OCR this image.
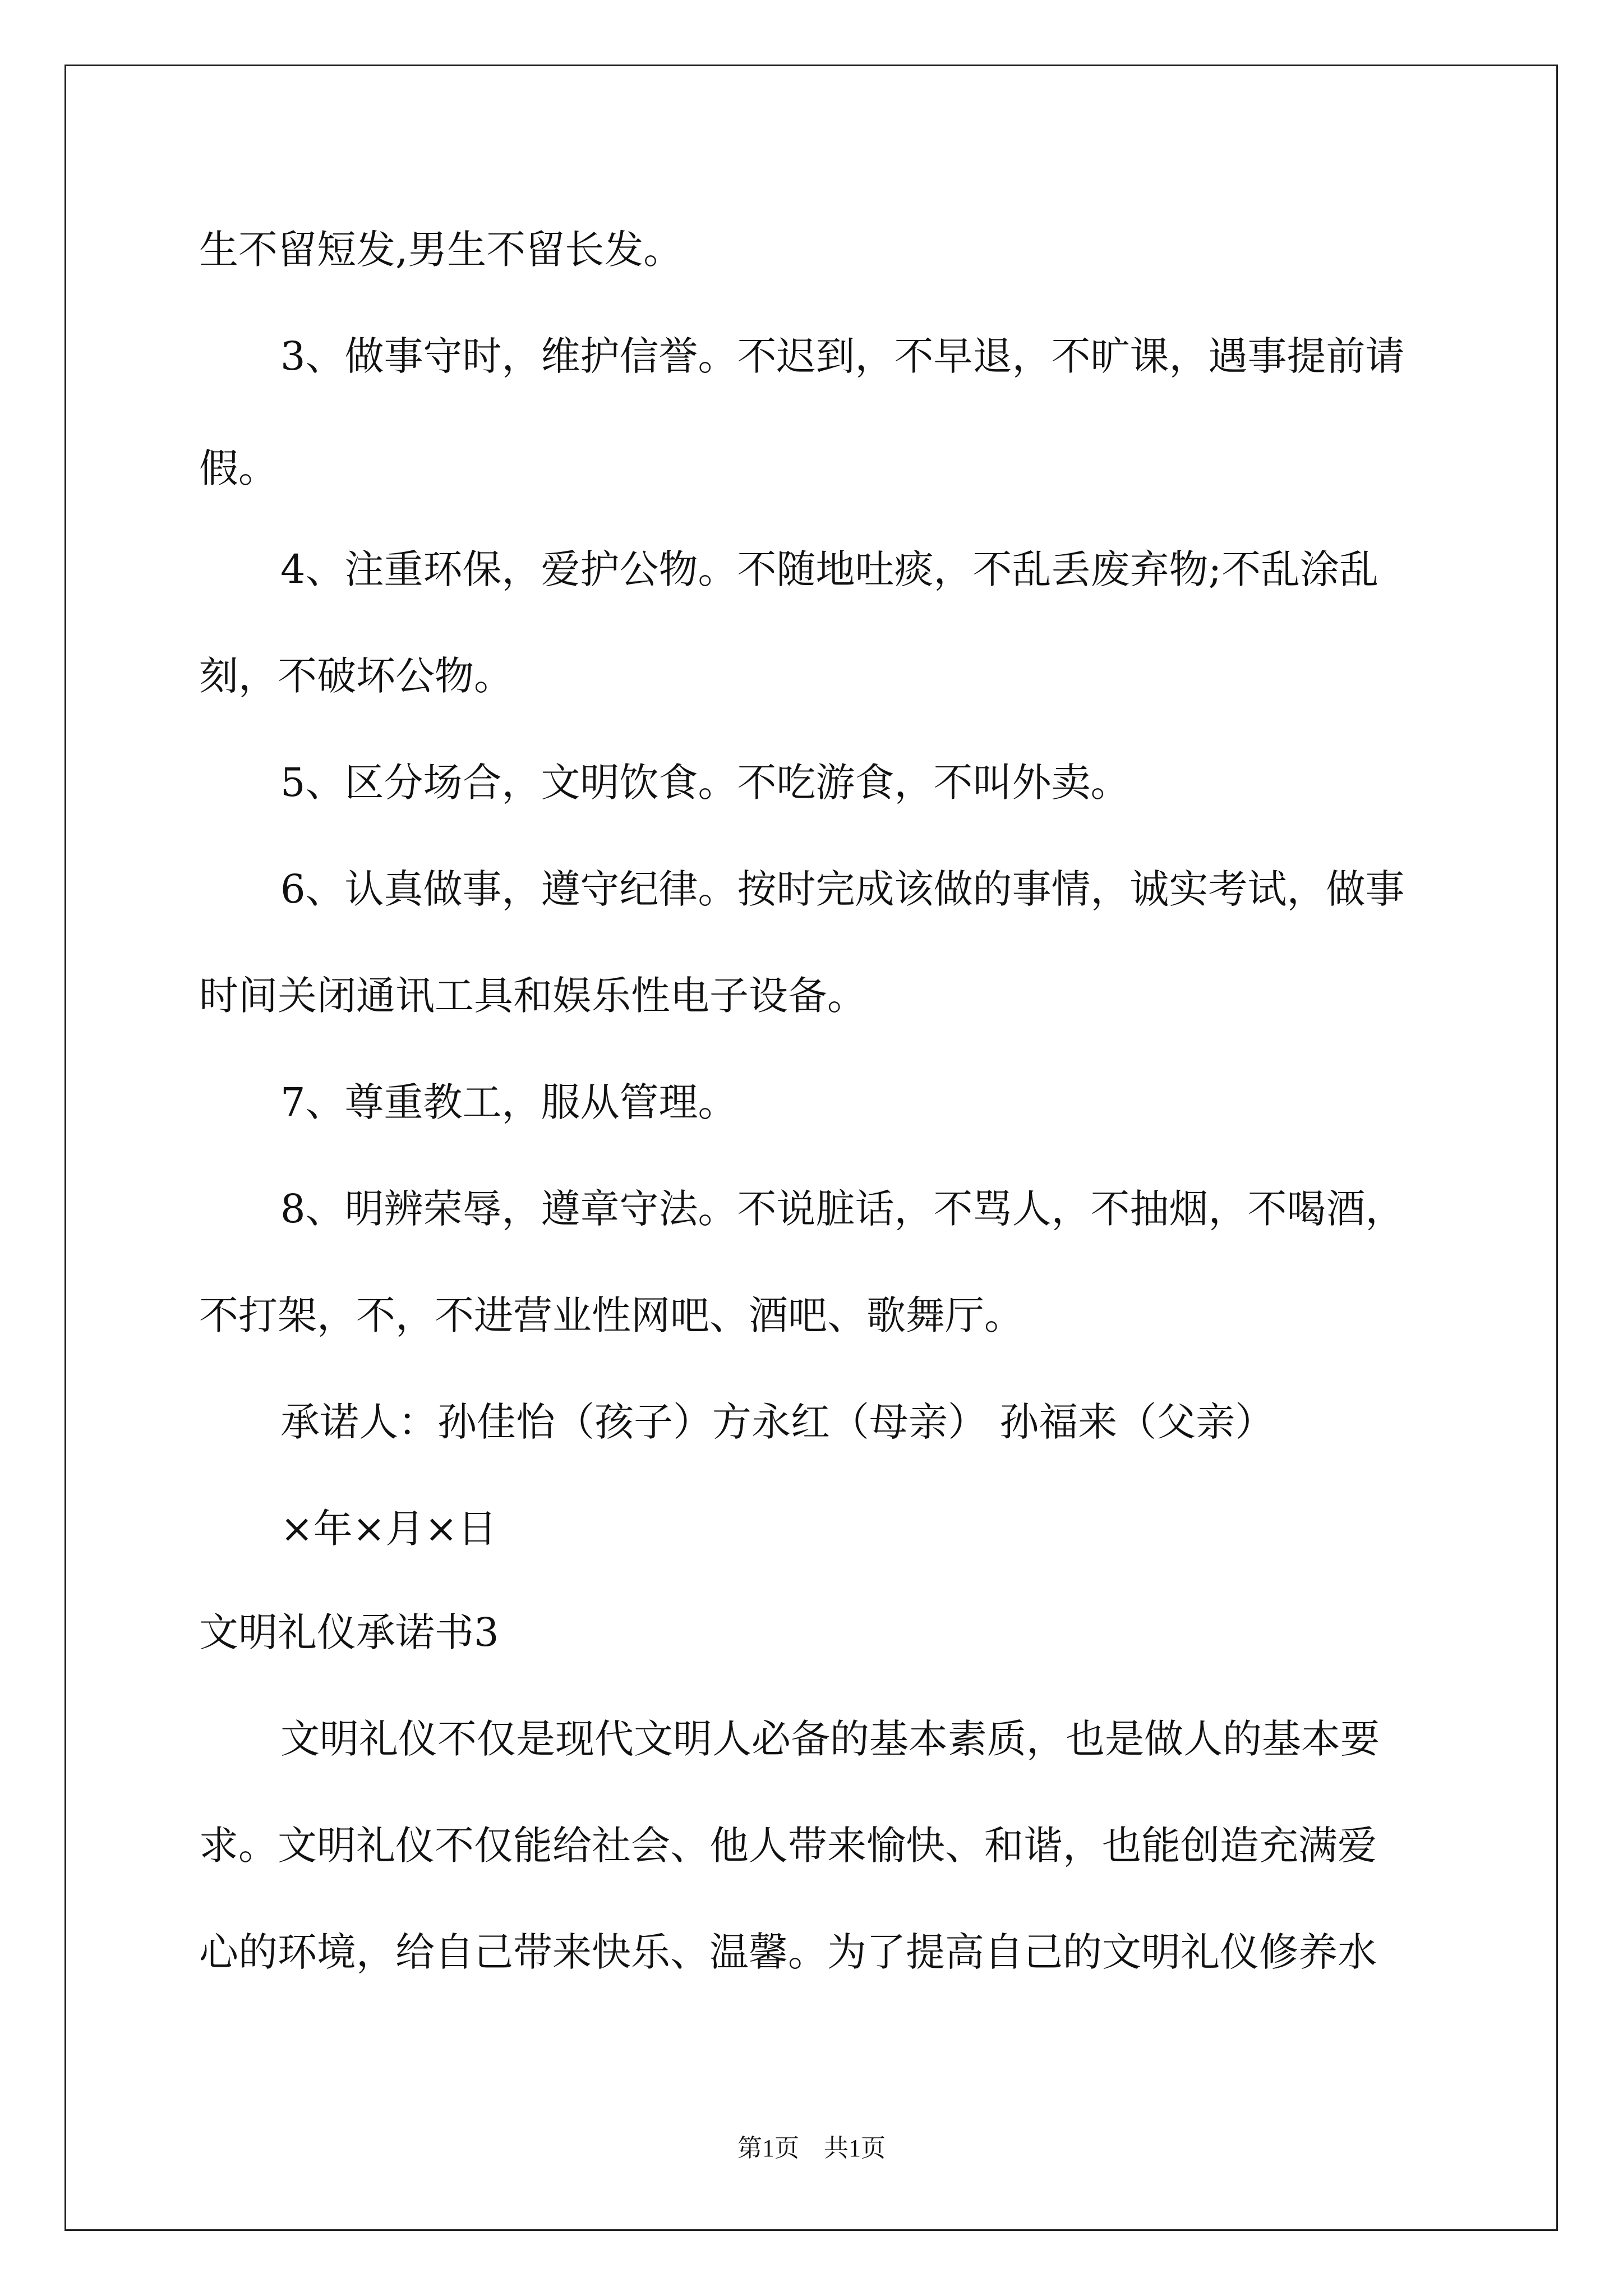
生不留短发,男生不留长发。
3、做事守时，维护信誉。不迟到，不早退，不旷课，遇事提前请
假。
4、注重环保，爱护公物。不随地吐痰，不乱丢废弃物;不乱涂乱
刻，不破坏公物。
5、区分场合，文明饮食。不吃游食，不叫外卖。
6、认真做事，遵守纪律。按时完成该做的事情，诚实考试，做事
时间关闭通讯工具和娱乐性电子设备。
7、尊重教工，服从管理。
8、明辨荣辱，遵章守法。不说脏话，不骂人，不抽烟，不喝酒，
不打架，不，不进营业性网吧、酒吧、歌舞厅。
承诺人：孙佳怡（孩子）方永红（母亲） 孙福来（父亲）
×年×月×日
文明礼仪承诺书3
文明礼仪不仅是现代文明人必备的基本素质，也是做人的基本要
求。文明礼仪不仅能给社会、他人带来愉快、和谐，也能创造充满爱
心的环境，给自己带来快乐、温馨。为了提高自己的文明礼仪修养水
第1页　共1页
